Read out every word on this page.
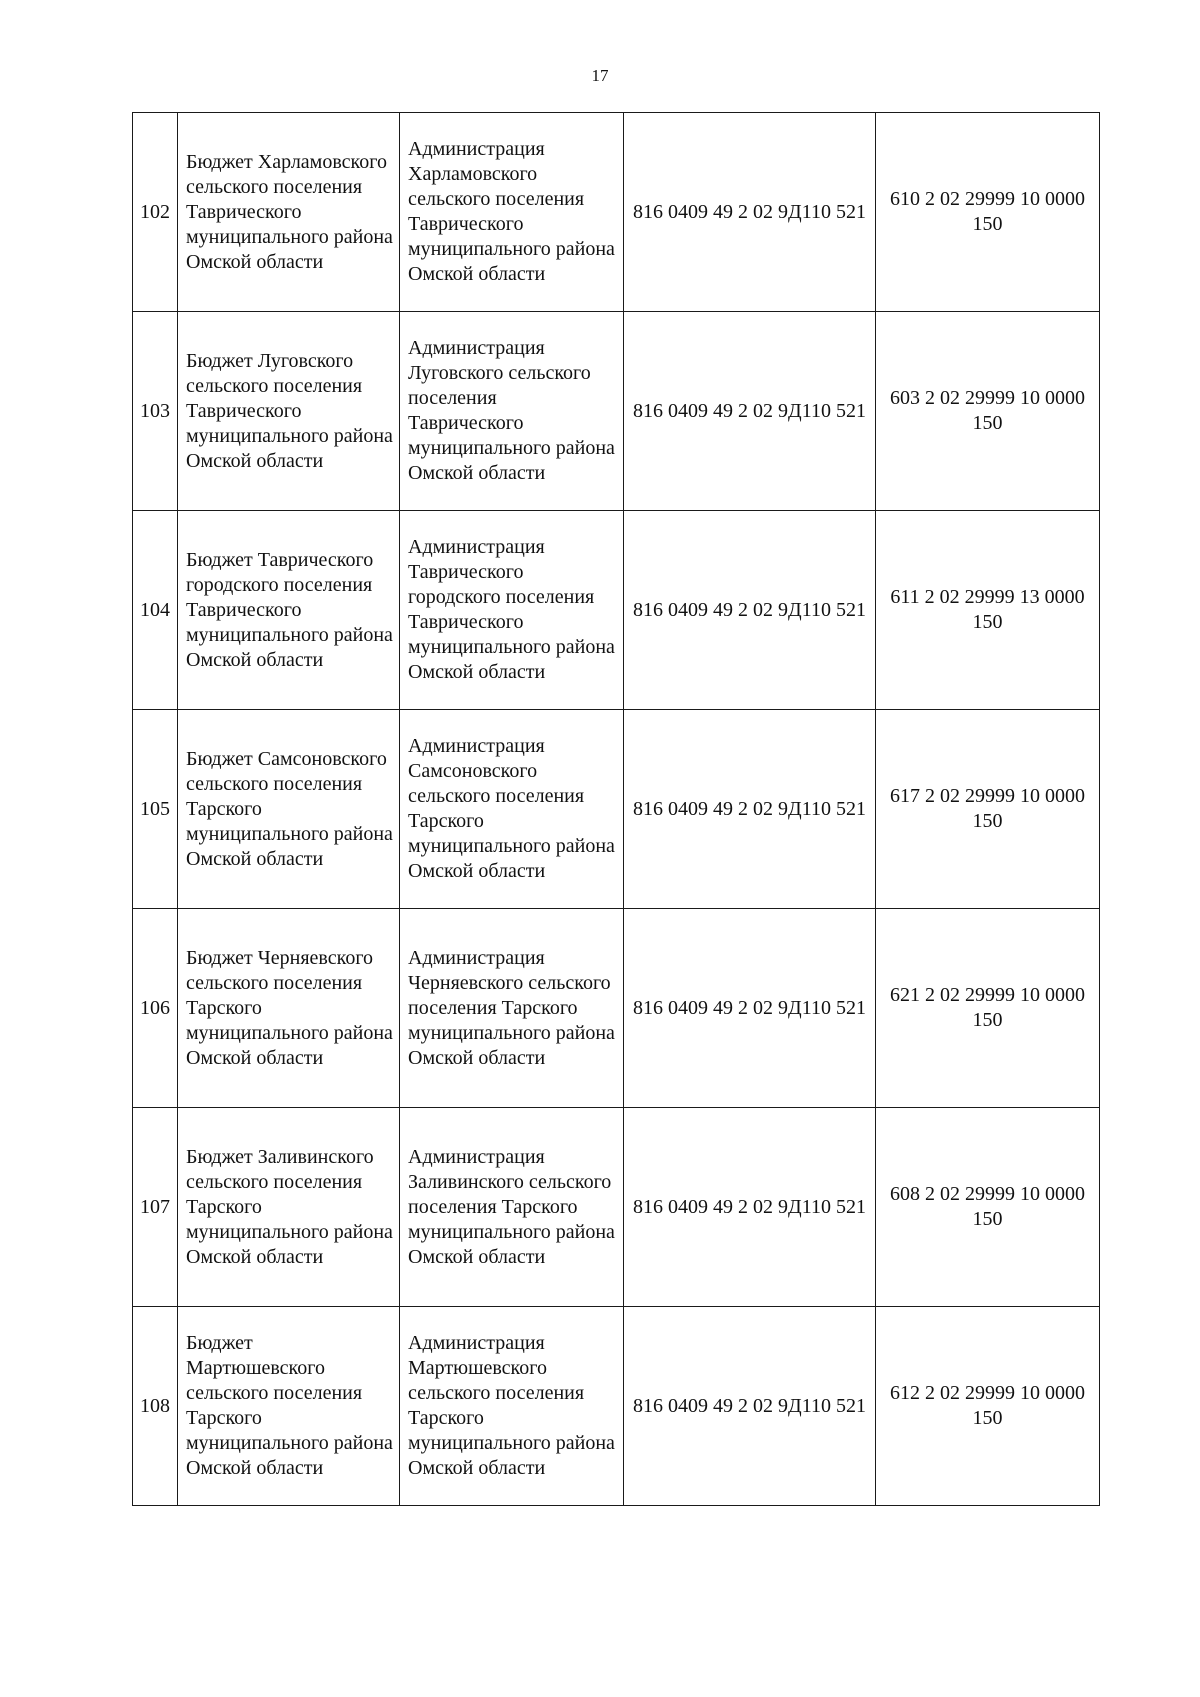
17
102	Бюджет Харламовского сельского поселения Таврического муниципального района Омской области	Администрация Харламовского сельского поселения Таврического муниципального района Омской области	816 0409 49 2 02 9Д110 521	610 2 02 29999 10 0000 150
103	Бюджет Луговского сельского поселения Таврического муниципального района Омской области	Администрация Луговского сельского поселения Таврического муниципального района Омской области	816 0409 49 2 02 9Д110 521	603 2 02 29999 10 0000 150
104	Бюджет Таврического городского поселения Таврического муниципального района Омской области	Администрация Таврического городского поселения Таврического муниципального района Омской области	816 0409 49 2 02 9Д110 521	611 2 02 29999 13 0000 150
105	Бюджет Самсоновского сельского поселения Тарского муниципального района Омской области	Администрация Самсоновского сельского поселения Тарского муниципального района Омской области	816 0409 49 2 02 9Д110 521	617 2 02 29999 10 0000 150
106	Бюджет Черняевского сельского поселения Тарского муниципального района Омской области	Администрация Черняевского сельского поселения Тарского муниципального района Омской области	816 0409 49 2 02 9Д110 521	621 2 02 29999 10 0000 150
107	Бюджет Заливинского сельского поселения Тарского муниципального района Омской области	Администрация Заливинского сельского поселения Тарского муниципального района Омской области	816 0409 49 2 02 9Д110 521	608 2 02 29999 10 0000 150
108	Бюджет Мартюшевского сельского поселения Тарского муниципального района Омской области	Администрация Мартюшевского сельского поселения Тарского муниципального района Омской области	816 0409 49 2 02 9Д110 521	612 2 02 29999 10 0000 150
